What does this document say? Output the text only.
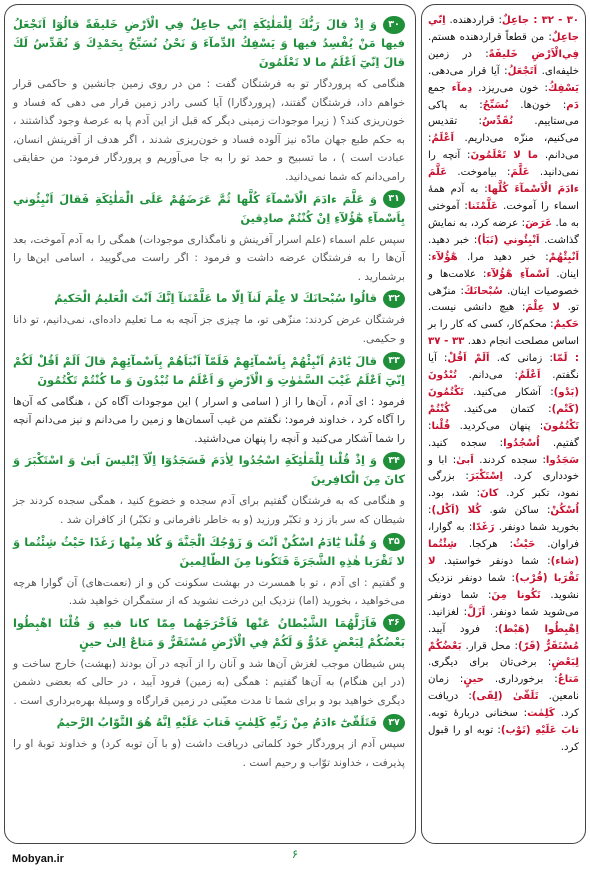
۳۰وَ اِذْ قالَ رَبُّكَ لِلْمَلٰئِكَةِ اِنّي جاعِلٌ فِي الْاَرْضِ خَليفَةً قالُوٓا اَتَجْعَلُ فيها مَنْ يُفْسِدُ فيها وَ يَسْفِكُ الدِّمآءَ وَ نَحْنُ نُسَبِّحُ بِحَمْدِكَ وَ نُقَدِّسُ لَكَ قالَ اِنّيٓ اَعْلَمُ ما لا تَعْلَمُونَ
هنگامی که پروردگار تو به فرشتگان گفت : من در روی زمین جانشین و حاکمی قرار خواهم داد، فرشتگان گفتند، (پروردگارا) آیا کسی رادر زمین قرار می دهی که فساد و خون‌ریزی کند؟ ( زیرا موجودات زمینی دیگر که قبل از این آدم پا به عرصهٔ وجود گذاشتند ، به حکم طبع جهان مادّه نیز آلوده فساد و خون‌ریزی شدند ، اگر هدف از آفرینش انسان، عبادت است ) ، ما تسبیح و حمد تو را به جا می‌آوریم و پروردگار فرمود: من حقایقی رامی‌دانم که شما نمی‌دانید.
۳۱وَ عَلَّمَ ءادَمَ الْاَسْمآءَ كُلَّها ثُمَّ عَرَضَهُمْ عَلَى الْمَلٰئِكَةِ فَقالَ اَنْبِئُوني بِاَسْمآءِ هٰٓؤُلآءِ اِنْ كُنْتُمْ صادِقينَ
سپس علم اسماء (علم اسرار آفرینش و نامگذاری موجودات) همگی را به آدم آموخت، بعد آن‌ها را به فرشتگان عرضه داشت و فرمود : اگر راست می‌گویید ، اسامی این‌ها را برشمارید .
۳۲قالُوا سُبْحانَكَ لا عِلْمَ لَنآ اِلّا ما عَلَّمْتَنآ اِنَّكَ اَنْتَ الْعَليمُ الْحَكيمُ
فرشتگان عرض کردند: منزّهی تو، ما چیزی جز آنچه به مـا تعلیم داده‌ای، نمی‌دانیم، تو دانا و حکیمی.
۳۳قالَ يٰٓادَمُ اَنْبِئْهُمْ بِاَسْمآئِهِمْ فَلَمّآ اَنْبَاَهُمْ بِاَسْمآئِهِمْ قالَ اَلَمْ اَقُلْ لَكُمْ اِنّيٓ اَعْلَمُ غَيْبَ السَّمٰوٰتِ وَ الْاَرْضِ وَ اَعْلَمُ ما تُبْدُونَ وَ ما كُنْتُمْ تَكْتُمُونَ
فرمود : ای آدم ، آن‌ها را از ( اسامی و اسرار ) این موجودات آگاه کن ، هنگامی که آن‌ها را آگاه کرد ، خداوند فرمود: نگفتم من غیب آسمان‌ها و زمین را می‌دانم و نیز می‌دانم آنچه را شما آشکار می‌کنید و آنچه را پنهان می‌داشتید.
۳۴وَ اِذْ قُلْنا لِلْمَلٰئِكَةِ اسْجُدُوا لِاٰدَمَ فَسَجَدُوٓا اِلّآ اِبْليسَ اَبىٰ وَ اسْتَكْبَرَ وَ كانَ مِنَ الْكافِرينَ
و هنگامی که به فرشتگان گفتیم برای آدم سجده و خضوع کنید ، همگی سجده کردند جز شیطان که سر باز زد و تکبّر ورزید (و به خاطر نافرمانی و تکبّر) از کافران شد .
۳۵وَ قُلْنا يٰٓادَمُ اسْكُنْ اَنْتَ وَ زَوْجُكَ الْجَنَّةَ وَ كُلا مِنْها رَغَدًا حَيْثُ شِئْتُما وَ لا تَقْرَبا هٰذِهِ الشَّجَرَةَ فَتَكُونا مِنَ الظّالِمينَ
و گفتیم : ای آدم ، تو با همسرت در بهشت سکونت کن و از (نعمت‌های) آن گوارا هرچه می‌خواهید ، بخورید (اما) نزدیک این درخت نشوید که از ستمگران خواهید شد.
۳۶فَاَزَلَّهُمَا الشَّيْطانُ عَنْها فَاَخْرَجَهُما مِمّا كانا فيهِ وَ قُلْنَا اهْبِطُوا بَعْضُكُمْ لِبَعْضٍ عَدُوٌّ وَ لَكُمْ فِي الْاَرْضِ مُسْتَقَرٌّ وَ مَتاعٌ اِلىٰ حينٍ
پس شیطان موجب لغزش آن‌ها شد و آنان را از آنچه در آن بودند (بهشت) خارج ساخت و (در این هنگام) به آن‌ها گفتیم : همگی (به زمین) فرود آیید ، در حالی که بعضی دشمن دیگری خواهید بود و برای شما تا مدت معیّنی در زمین قرارگاه و وسیلهٔ بهره‌برداری است .
۳۷فَتَلَقّىٰٓ ءادَمُ مِنْ رَبِّهِ كَلِمٰتٍ فَتابَ عَلَيْهِ اِنَّهُ هُوَ التَّوّابُ الرَّحيمُ
سپس آدم از پروردگار خود کلماتی دریافت داشت (و با آن توبه کرد) و خداوند توبهٔ او را پذیرفت ، خداوند توّاب و رحیم است .
۳۰ - ۳۲ : جاعِلٌ: قراردهنده. اِنّي جاعِلٌ: من قطعاً قراردهنده هستم. فِي‌الْاَرْضِ خَليفَةً: در زمین خلیفه‌ای. اَتَجْعَلُ: آیا قرار می‌دهی. يَسْفِكُ: خون می‌ریزد. دِمآء جمع دَم: خون‌ها. نُسَبِّحُ: به پاکی می‌ستاییم. نُقَدِّسُ: تقدیس می‌کنیم، منزّه می‌داریم. اَعْلَمُ: می‌دانم. ما لا تَعْلَمُونَ: آنچه را نمی‌دانید. عَلَّمَ: بیاموخت. عَلَّمَ ءادَمَ الْاَسْمآءَ كُلَّها: به آدم همهٔ اسماء را آموخت. عَلَّمْتَنا: آموختی به ما. عَرَضَ: عرضه کرد، به نمایش گذاشت. اَنْبِئُوني (نَبَأ): خبر دهید. اَنْبِئْهُمْ: خبر دهید مرا. هٰٓؤُلآء: اینان. اَسْمآءِ هٰٓؤُلآء: علامت‌ها و خصوصیات اینان. سُبْحانَكَ: منزّهی تو. لا عِلْمَ: هیچ دانشی نیست. حَكيمٌ: محکم‌کار، کسی که کار را بر اساس مصلحت انجام دهد. ۳۳ - ۳۷ : لَمّا: زمانی که. اَلَمْ اَقُلْ: آیا نگفتم. اَعْلَمُ: می‌دانم. تُبْدُونَ (بَدْو): آشکار می‌کنید. تَكْتُمُونَ (كَتْم): کتمان می‌کنید. كُنْتُمْ تَكْتُمُونَ: پنهان می‌کردید. قُلْنا: گفتیم. اُسْجُدُوا: سجده کنید. سَجَدُوا: سجده کردند. اَبىٰ: ابا و خودداری کرد. اِسْتَكْبَرَ: بزرگی نمود، تکبر کرد. كانَ: شد، بود. اُسْكُنْ: ساکن شو. كُلا (اَكْل): بخورید شما دونفر. رَغَدًا: به گوارا، فراوان. حَيْثُ: هرکجا. شِئْتُما (شاء): شما دونفر خواستید. لا تَقْرَبا (قُرْب): شما دونفر نزدیک نشوید. تَكُونا مِنَ: شما دونفر می‌شوید شما دونفر. اَزَلَّ: لغزانید. اِهْبِطُوا (هَبْط): فرود آیید. مُسْتَقَرٌّ (قَرّ): محل قرار. بَعْضُكُمْ لِبَعْضٍ: برخی‌تان برای دیگری. مَتاعٌ: برخورداری. حينٍ: زمان نامعین. تَلَقّىٰ (لِقَی): دریافت کرد. كَلِمٰت: سخنانی دربارهٔ توبه. تابَ عَلَيْهِ (تَوْب): توبه او را قبول کرد.
۶
Mobyan.ir
